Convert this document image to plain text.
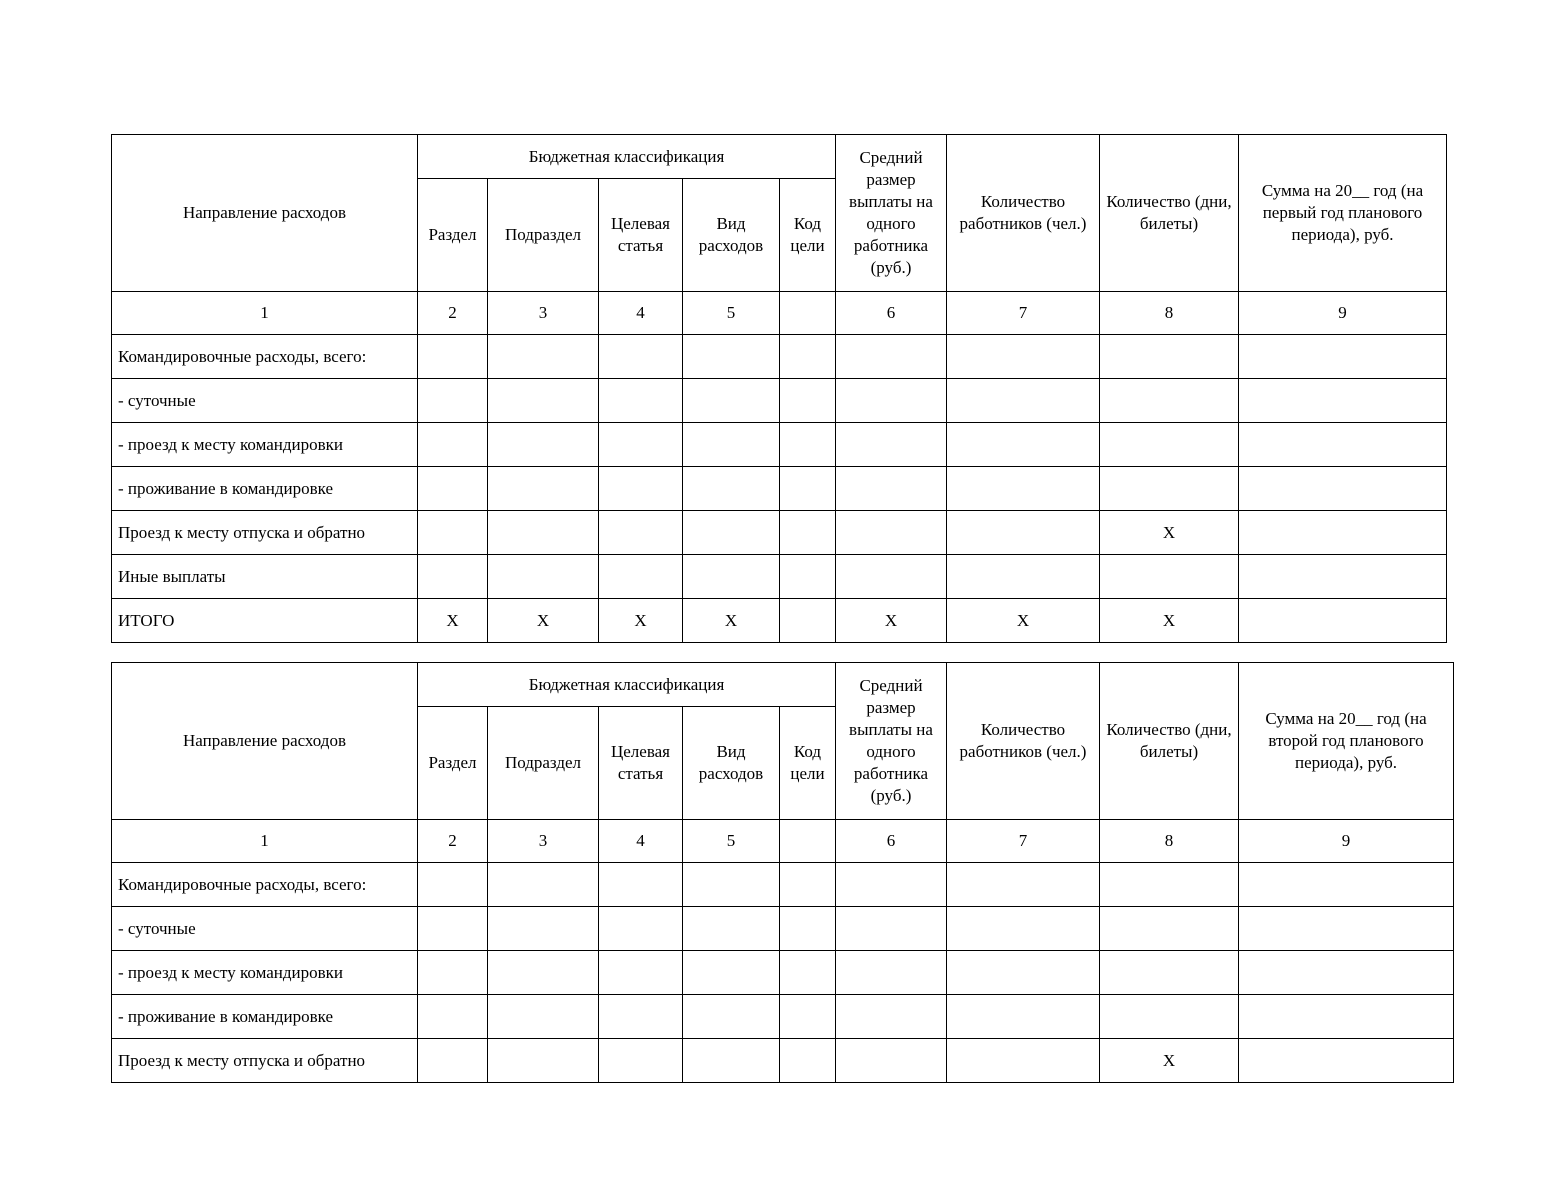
Направление расходов	Бюджетная классификация					Средний размер выплаты на одного работника (руб.)	Количество работников (чел.)	Количество (дни, билеты)	Сумма на 20__ год (на первый год планового периода), руб.
	Раздел	Подраздел	Целевая статья	Вид расходов	Код цели				
1	2	3	4	5		6	7	8	9
Командировочные расходы, всего:									
- суточные									
- проезд к месту командировки									
- проживание в командировке									
Проезд к месту отпуска и обратно								X	
Иные выплаты									
ИТОГО	X	X	X	X		X	X	X	
Направление расходов	Бюджетная классификация					Средний размер выплаты на одного работника (руб.)	Количество работников (чел.)	Количество (дни, билеты)	Сумма на 20__ год (на второй год планового периода), руб.
	Раздел	Подраздел	Целевая статья	Вид расходов	Код цели				
1	2	3	4	5		6	7	8	9
Командировочные расходы, всего:									
- суточные									
- проезд к месту командировки									
- проживание в командировке									
Проезд к месту отпуска и обратно								X	
